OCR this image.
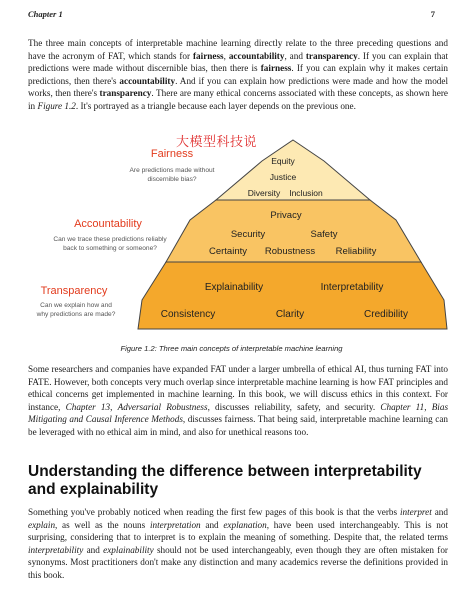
Chapter 1	7
The three main concepts of interpretable machine learning directly relate to the three preceding questions and have the acronym of FAT, which stands for fairness, accountability, and transparency. If you can explain that predictions were made without discernible bias, then there is fairness. If you can explain why it makes certain predictions, then there's accountability. And if you can explain how predictions were made and how the model works, then there's transparency. There are many ethical concerns associated with these concepts, as shown here in Figure 1.2. It's portrayed as a triangle because each layer depends on the previous one.
Equity
Justice
Diversity Inclusion
Privacy
Security	Safety
Certainty Robustness Reliability
Explainability	Interpretability
Consistency	Clarity	Credibility
Fairness
Are predictions made without
discernible bias?
Accountability
Can we trace these predictions reliably
back to something or someone?
Transparency
Can we explain how and
why predictions are made?
大模型科技说
Figure 1.2: Three main concepts of interpretable machine learning
Some researchers and companies have expanded FAT under a larger umbrella of ethical AI, thus turning FAT into FATE. However, both concepts very much overlap since interpretable machine learning is how FAT principles and ethical concerns get implemented in machine learning. In this book, we will discuss ethics in this context. For instance, Chapter 13, Adversarial Robustness, discusses reliability, safety, and security. Chapter 11, Bias Mitigating and Causal Inference Methods, discusses fairness. That being said, interpretable machine learning can be leveraged with no ethical aim in mind, and also for unethical reasons too.
Understanding the difference between interpretability and explainability
Something you've probably noticed when reading the first few pages of this book is that the verbs interpret and explain, as well as the nouns interpretation and explanation, have been used interchangeably. This is not surprising, considering that to interpret is to explain the meaning of something. Despite that, the related terms interpretability and explainability should not be used interchangeably, even though they are often mistaken for synonyms. Most practitioners don't make any distinction and many academics reverse the definitions provided in this book.
